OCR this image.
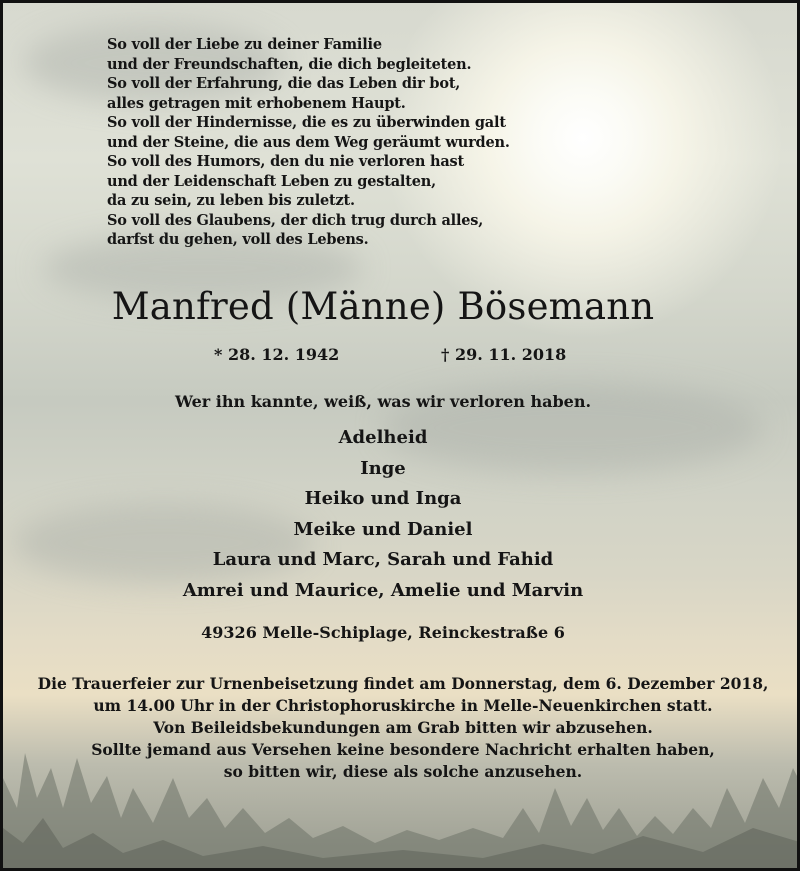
So voll der Liebe zu deiner Familie
und der Freundschaften, die dich begleiteten.
So voll der Erfahrung, die das Leben dir bot,
alles getragen mit erhobenem Haupt.
So voll der Hindernisse, die es zu überwinden galt
und der Steine, die aus dem Weg geräumt wurden.
So voll des Humors, den du nie verloren hast
und der Leidenschaft Leben zu gestalten,
da zu sein, zu leben bis zuletzt.
So voll des Glaubens, der dich trug durch alles,
darfst du gehen, voll des Lebens.
Manfred (Männe) Bösemann
* 28. 12. 1942	† 29. 11. 2018
Wer ihn kannte, weiß, was wir verloren haben.
Adelheid
Inge
Heiko und Inga
Meike und Daniel
Laura und Marc, Sarah und Fahid
Amrei und Maurice, Amelie und Marvin
49326 Melle-Schiplage, Reinckestraße 6
Die Trauerfeier zur Urnenbeisetzung findet am Donnerstag, dem 6. Dezember 2018,
um 14.00 Uhr in der Christophoruskirche in Melle-Neuenkirchen statt.
Von Beileidsbekundungen am Grab bitten wir abzusehen.
Sollte jemand aus Versehen keine besondere Nachricht erhalten haben,
so bitten wir, diese als solche anzusehen.
